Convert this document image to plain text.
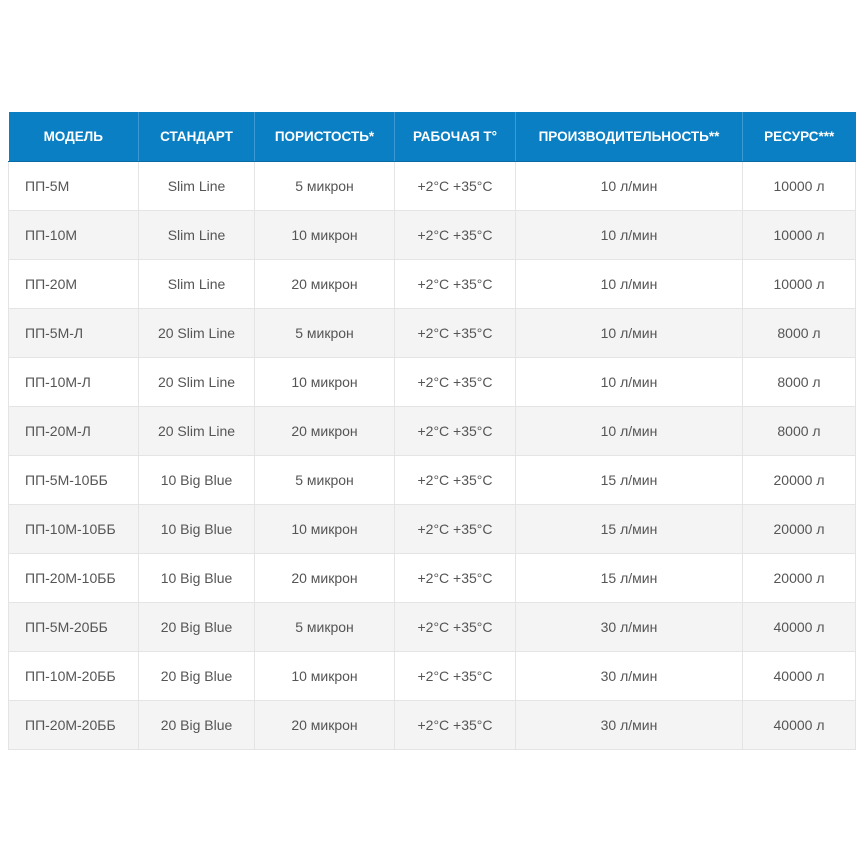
МОДЕЛЬ	СТАНДАРТ	ПОРИСТОСТЬ*	РАБОЧАЯ Т°	ПРОИЗВОДИТЕЛЬНОСТЬ**	РЕСУРС***
ПП-5М	Slim Line	5 микрон	+2°С +35°С	10 л/мин	10000 л
ПП-10М	Slim Line	10 микрон	+2°С +35°С	10 л/мин	10000 л
ПП-20М	Slim Line	20 микрон	+2°С +35°С	10 л/мин	10000 л
ПП-5М-Л	20 Slim Line	5 микрон	+2°С +35°С	10 л/мин	8000 л
ПП-10М-Л	20 Slim Line	10 микрон	+2°С +35°С	10 л/мин	8000 л
ПП-20М-Л	20 Slim Line	20 микрон	+2°С +35°С	10 л/мин	8000 л
ПП-5М-10ББ	10 Big Blue	5 микрон	+2°С +35°С	15 л/мин	20000 л
ПП-10М-10ББ	10 Big Blue	10 микрон	+2°С +35°С	15 л/мин	20000 л
ПП-20М-10ББ	10 Big Blue	20 микрон	+2°С +35°С	15 л/мин	20000 л
ПП-5М-20ББ	20 Big Blue	5 микрон	+2°С +35°С	30 л/мин	40000 л
ПП-10М-20ББ	20 Big Blue	10 микрон	+2°С +35°С	30 л/мин	40000 л
ПП-20М-20ББ	20 Big Blue	20 микрон	+2°С +35°С	30 л/мин	40000 л
